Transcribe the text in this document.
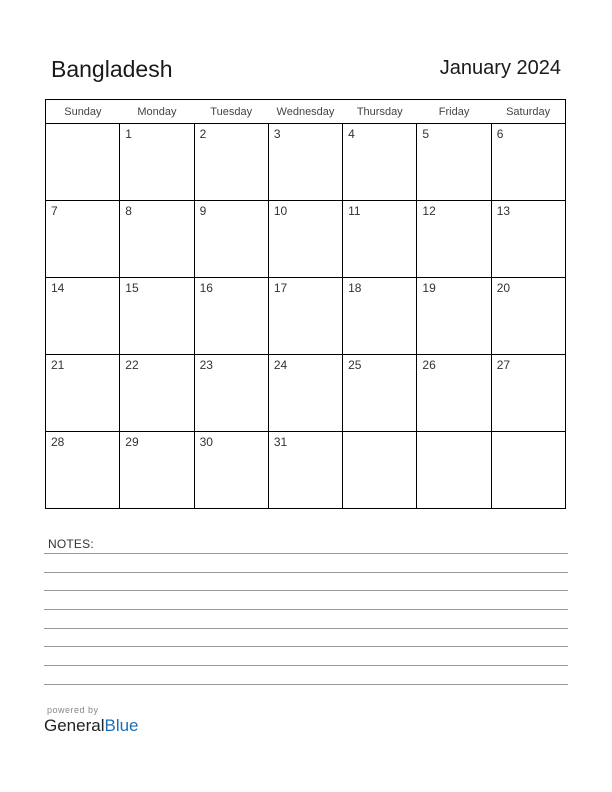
Bangladesh	January 2024
Sunday	Monday	Tuesday	Wednesday	Thursday	Friday	Saturday

	1	2	3	4	5	6

7	8	9	10	11	12	13

14	15	16	17	18	19	20

21	22	23	24	25	26	27

28	29	30	31			

NOTES:
powered by
GeneralBlue
